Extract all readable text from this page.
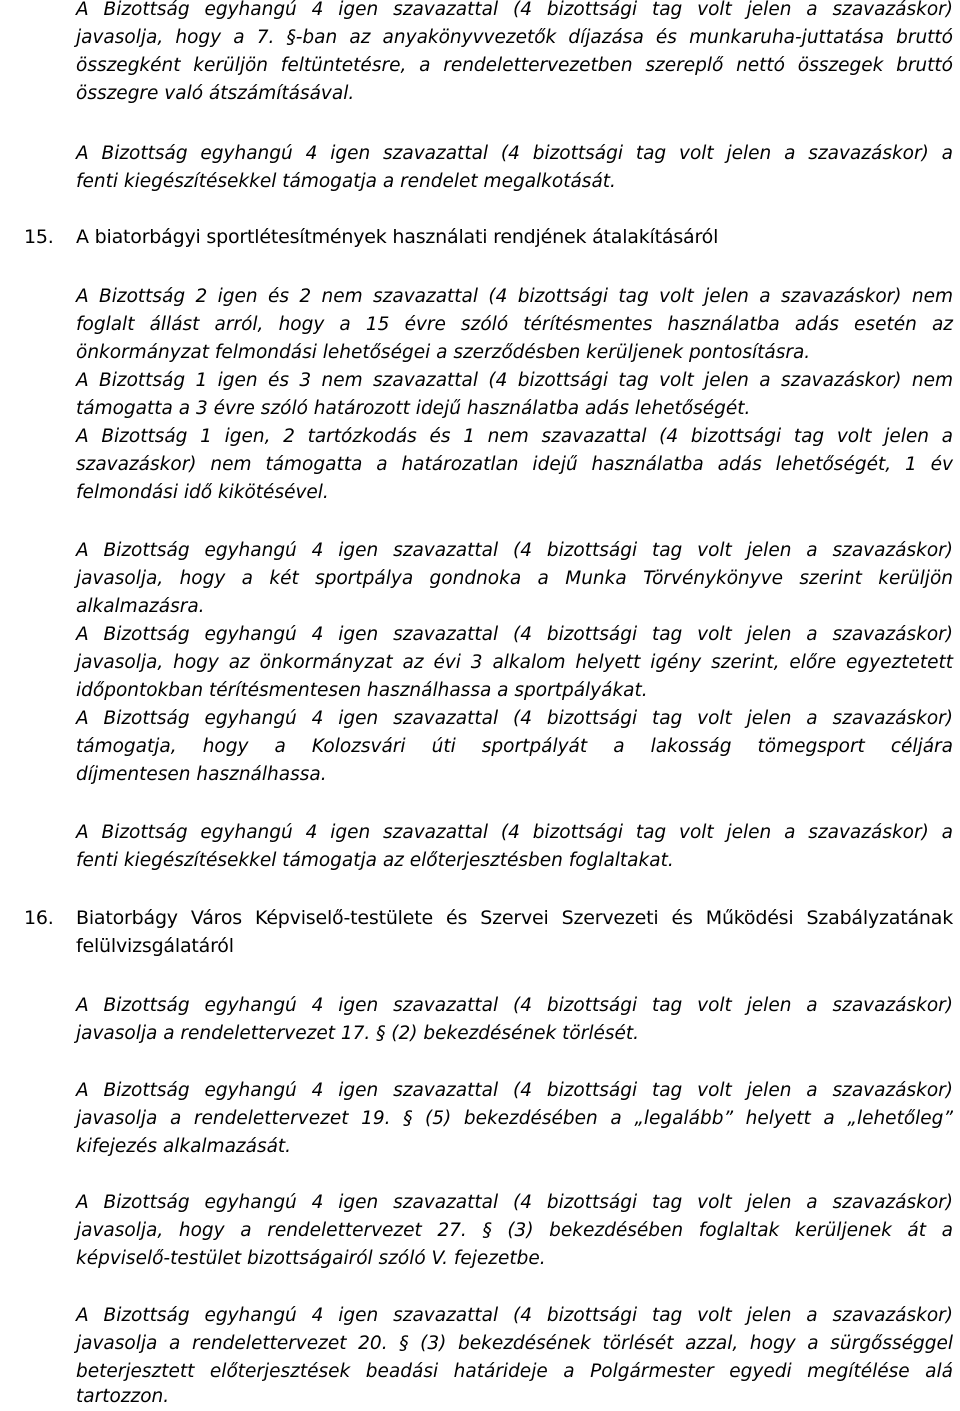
A Bizottság egyhangú 4 igen szavazattal (4 bizottsági tag volt jelen a szavazáskor)
javasolja, hogy a 7. §-ban az anyakönyvvezetők díjazása és munkaruha-juttatása bruttó
összegként kerüljön feltüntetésre, a rendelettervezetben szereplő nettó összegek bruttó
összegre való átszámításával.
A Bizottság egyhangú 4 igen szavazattal (4 bizottsági tag volt jelen a szavazáskor) a
fenti kiegészítésekkel támogatja a rendelet megalkotását.
15. A biatorbágyi sportlétesítmények használati rendjének átalakításáról
A Bizottság 2 igen és 2 nem szavazattal (4 bizottsági tag volt jelen a szavazáskor) nem
foglalt állást arról, hogy a 15 évre szóló térítésmentes használatba adás esetén az
önkormányzat felmondási lehetőségei a szerződésben kerüljenek pontosításra.
A Bizottság 1 igen és 3 nem szavazattal (4 bizottsági tag volt jelen a szavazáskor) nem
támogatta a 3 évre szóló határozott idejű használatba adás lehetőségét.
A Bizottság 1 igen, 2 tartózkodás és 1 nem szavazattal (4 bizottsági tag volt jelen a
szavazáskor) nem támogatta a határozatlan idejű használatba adás lehetőségét, 1 év
felmondási idő kikötésével.
A Bizottság egyhangú 4 igen szavazattal (4 bizottsági tag volt jelen a szavazáskor)
javasolja, hogy a két sportpálya gondnoka a Munka Törvénykönyve szerint kerüljön
alkalmazásra.
A Bizottság egyhangú 4 igen szavazattal (4 bizottsági tag volt jelen a szavazáskor)
javasolja, hogy az önkormányzat az évi 3 alkalom helyett igény szerint, előre egyeztetett
időpontokban térítésmentesen használhassa a sportpályákat.
A Bizottság egyhangú 4 igen szavazattal (4 bizottsági tag volt jelen a szavazáskor)
támogatja, hogy a Kolozsvári úti sportpályát a lakosság tömegsport céljára
díjmentesen használhassa.
A Bizottság egyhangú 4 igen szavazattal (4 bizottsági tag volt jelen a szavazáskor) a
fenti kiegészítésekkel támogatja az előterjesztésben foglaltakat.
16. Biatorbágy Város Képviselő-testülete és Szervei Szervezeti és Működési Szabályzatának
felülvizsgálatáról
A Bizottság egyhangú 4 igen szavazattal (4 bizottsági tag volt jelen a szavazáskor)
javasolja a rendelettervezet 17. § (2) bekezdésének törlését.
A Bizottság egyhangú 4 igen szavazattal (4 bizottsági tag volt jelen a szavazáskor)
javasolja a rendelettervezet 19. § (5) bekezdésében a „legalább” helyett a „lehetőleg”
kifejezés alkalmazását.
A Bizottság egyhangú 4 igen szavazattal (4 bizottsági tag volt jelen a szavazáskor)
javasolja, hogy a rendelettervezet 27. § (3) bekezdésében foglaltak kerüljenek át a
képviselő-testület bizottságairól szóló V. fejezetbe.
A Bizottság egyhangú 4 igen szavazattal (4 bizottsági tag volt jelen a szavazáskor)
javasolja a rendelettervezet 20. § (3) bekezdésének törlését azzal, hogy a sürgősséggel
beterjesztett előterjesztések beadási határideje a Polgármester egyedi megítélése alá
tartozzon.
